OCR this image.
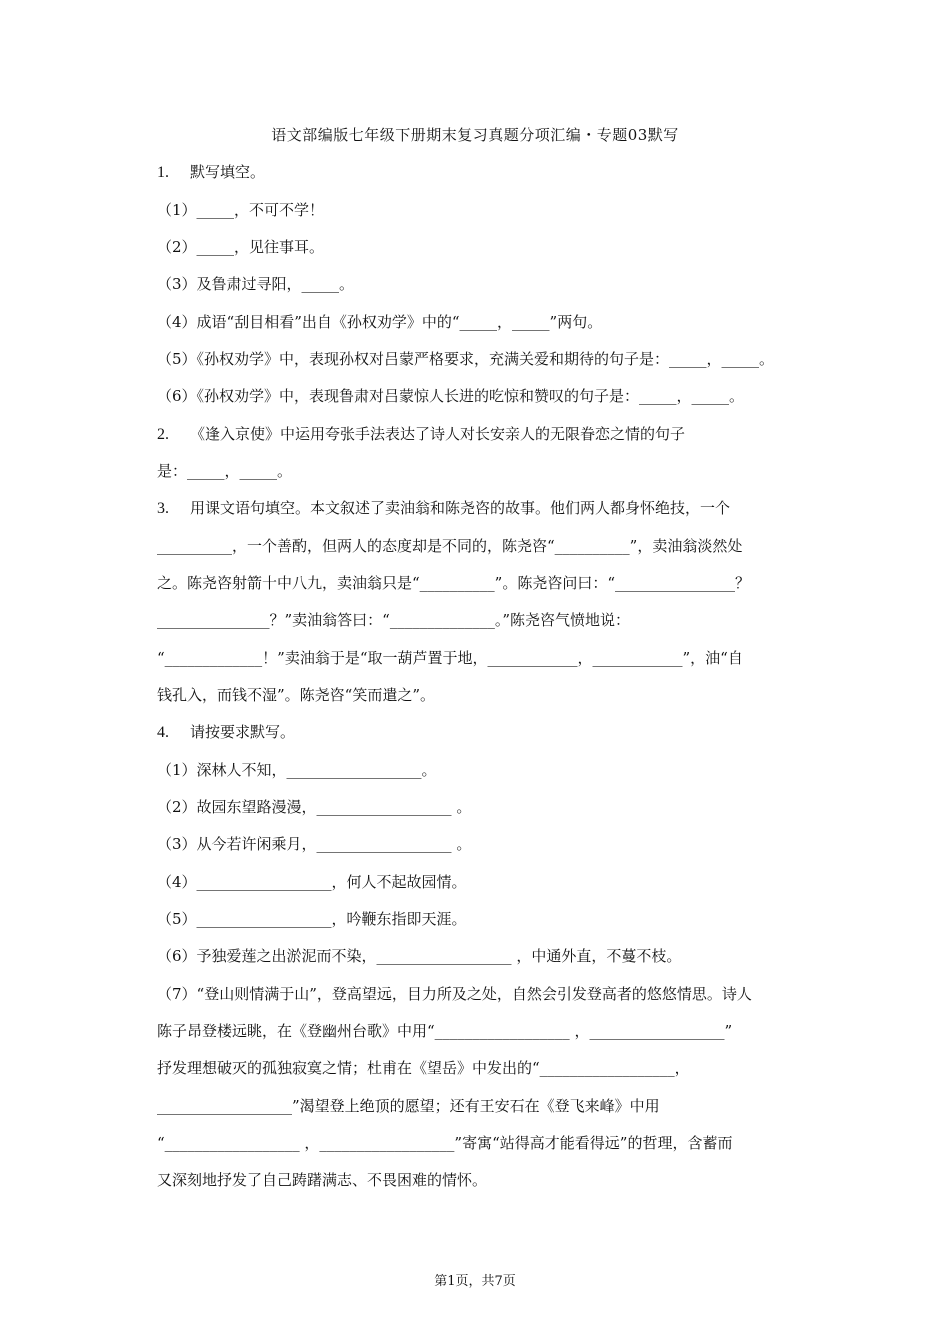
语文部编版七年级下册期末复习真题分项汇编・专题03默写
1. 默写填空。
（1）_____，不可不学！
（2）_____，见往事耳。
（3）及鲁肃过寻阳，_____。
（4）成语“刮目相看”出自《孙权劝学》中的“_____，_____”两句。
（5）《孙权劝学》中，表现孙权对吕蒙严格要求，充满关爱和期待的句子是：_____，_____。
（6）《孙权劝学》中，表现鲁肃对吕蒙惊人长进的吃惊和赞叹的句子是：_____，_____。
2. 《逢入京使》中运用夸张手法表达了诗人对长安亲人的无限眷恋之情的句子
是：_____，_____。
3. 用课文语句填空。本文叙述了卖油翁和陈尧咨的故事。他们两人都身怀绝技，一个
__________，一个善酌，但两人的态度却是不同的，陈尧咨“__________”，卖油翁淡然处
之。陈尧咨射箭十中八九，卖油翁只是“__________”。陈尧咨问曰：“________________？
_______________？”卖油翁答曰：“______________。”陈尧咨气愤地说：
“_____________！”卖油翁于是“取一葫芦置于地，____________，____________”，油“自
钱孔入，而钱不湿”。陈尧咨“笑而遣之”。
4. 请按要求默写。
（1）深林人不知，__________________。
（2）故园东望路漫漫，__________________ 。
（3）从今若许闲乘月，__________________ 。
（4）__________________，何人不起故园情。
（5）__________________，吟鞭东指即天涯。
（6）予独爱莲之出淤泥而不染，__________________ ，中通外直，不蔓不枝。
（7）“登山则情满于山”，登高望远，目力所及之处，自然会引发登高者的悠悠情思。诗人
陈子昂登楼远眺，在《登幽州台歌》中用“__________________ ，__________________”
抒发理想破灭的孤独寂寞之情；杜甫在《望岳》中发出的“__________________，
__________________”渴望登上绝顶的愿望；还有王安石在《登飞来峰》中用
“__________________ ，__________________”寄寓“站得高才能看得远”的哲理，含蓄而
又深刻地抒发了自己踌躇满志、不畏困难的情怀。
第1页，共7页
